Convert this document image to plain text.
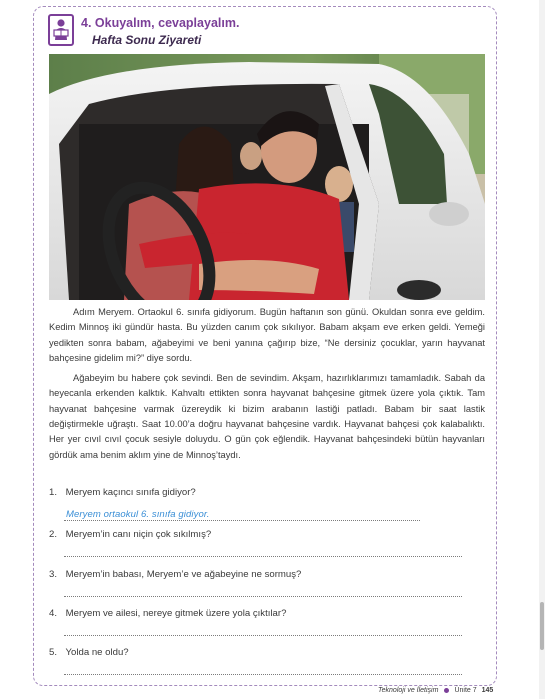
4. Okuyalım, cevaplayalım.
Hafta Sonu Ziyareti

Adım Meryem. Ortaokul 6. sınıfa gidiyorum. Bugün haftanın son günü. Okuldan sonra eve geldim. Kedim Minnoş iki gündür hasta. Bu yüzden canım çok sıkılıyor. Babam akşam eve erken geldi. Yemeği yedikten sonra babam, ağabeyimi ve beni yanına çağırıp bize, “Ne dersiniz çocuklar, yarın hayvanat bahçesine gidelim mi?” diye sordu.

Ağabeyim bu habere çok sevindi. Ben de sevindim. Akşam, hazırlıklarımızı tamamladık. Sabah da heyecanla erkenden kalktık. Kahvaltı ettikten sonra hayvanat bahçesine gitmek üzere yola çıktık. Tam hayvanat bahçesine varmak üzereydik ki bizim arabanın lastiği patladı. Babam bir saat lastik değiştirmekle uğraştı. Saat 10.00’a doğru hayvanat bahçesine vardık. Hayvanat bahçesi çok kalabalıktı. Her yer cıvıl cıvıl çocuk sesiyle doluydu. O gün çok eğlendik. Hayvanat bahçesindeki bütün hayvanları gördük ama benim aklım yine de Minnoş’taydı.

1. Meryem kaçıncı sınıfa gidiyor?
Meryem ortaokul 6. sınıfa gidiyor.
2. Meryem’in canı niçin çok sıkılmış?
3. Meryem’in babası, Meryem’e ve ağabeyine ne sormuş?
4. Meryem ve ailesi, nereye gitmek üzere yola çıktılar?
5. Yolda ne oldu?
Teknoloji ve İletişim Ünite 7 145
